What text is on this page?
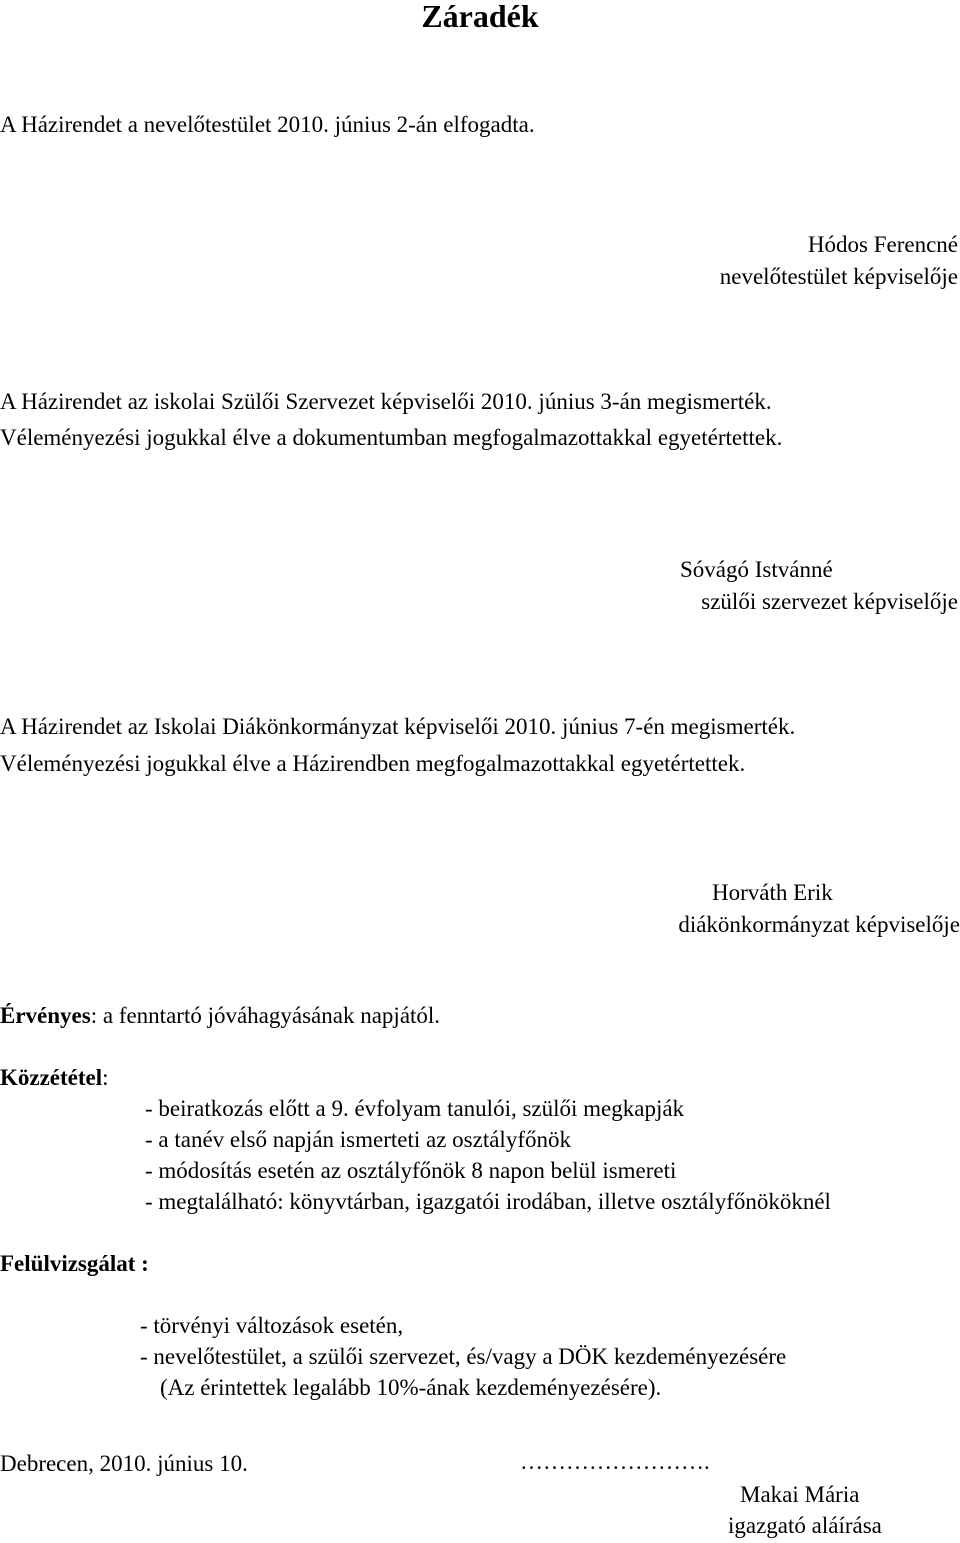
Záradék
A Házirendet a nevelőtestület 2010. június 2-án elfogadta.
Hódos Ferencné
nevelőtestület képviselője
A Házirendet az iskolai Szülői Szervezet képviselői 2010. június 3-án megismerték.
Véleményezési jogukkal élve a dokumentumban megfogalmazottakkal egyetértettek.
Sóvágó Istvánné
szülői szervezet képviselője
A Házirendet az Iskolai Diákönkormányzat képviselői 2010. június 7-én megismerték.
Véleményezési jogukkal élve a Házirendben megfogalmazottakkal egyetértettek.
Horváth Erik
diákönkormányzat képviselője
Érvényes: a fenntartó jóváhagyásának napjától.
Közzététel:
- beiratkozás előtt a 9. évfolyam tanulói, szülői megkapják
- a tanév első napján ismerteti az osztályfőnök
- módosítás esetén az osztályfőnök 8 napon belül ismereti
- megtalálható: könyvtárban, igazgatói irodában, illetve osztályfőnököknél
Felülvizsgálat :
- törvényi változások esetén,
- nevelőtestület, a szülői szervezet, és/vagy a DÖK kezdeményezésére
(Az érintettek legalább 10%-ának kezdeményezésére).
Debrecen, 2010. június 10.	…………………….
Makai Mária
igazgató aláírása
